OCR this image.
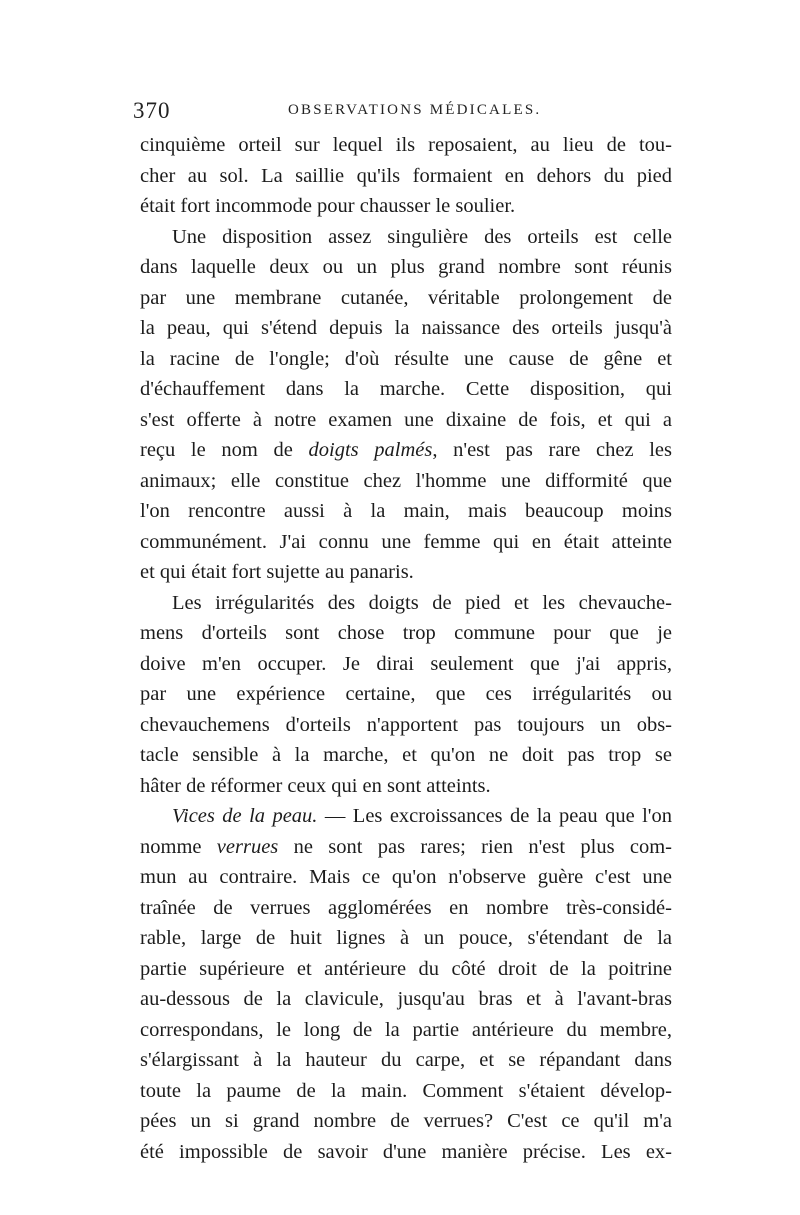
370	OBSERVATIONS MÉDICALES.
cinquième orteil sur lequel ils reposaient, au lieu de tou-
cher au sol. La saillie qu'ils formaient en dehors du pied
était fort incommode pour chausser le soulier.
Une disposition assez singulière des orteils est celle
dans laquelle deux ou un plus grand nombre sont réunis
par une membrane cutanée, véritable prolongement de
la peau, qui s'étend depuis la naissance des orteils jusqu'à
la racine de l'ongle; d'où résulte une cause de gêne et
d'échauffement dans la marche. Cette disposition, qui
s'est offerte à notre examen une dixaine de fois, et qui a
reçu le nom de doigts palmés, n'est pas rare chez les
animaux; elle constitue chez l'homme une difformité que
l'on rencontre aussi à la main, mais beaucoup moins
communément. J'ai connu une femme qui en était atteinte
et qui était fort sujette au panaris.
Les irrégularités des doigts de pied et les chevauche-
mens d'orteils sont chose trop commune pour que je
doive m'en occuper. Je dirai seulement que j'ai appris,
par une expérience certaine, que ces irrégularités ou
chevauchemens d'orteils n'apportent pas toujours un obs-
tacle sensible à la marche, et qu'on ne doit pas trop se
hâter de réformer ceux qui en sont atteints.
Vices de la peau. — Les excroissances de la peau que l'on
nomme verrues ne sont pas rares; rien n'est plus com-
mun au contraire. Mais ce qu'on n'observe guère c'est une
traînée de verrues agglomérées en nombre très-considé-
rable, large de huit lignes à un pouce, s'étendant de la
partie supérieure et antérieure du côté droit de la poitrine
au-dessous de la clavicule, jusqu'au bras et à l'avant-bras
correspondans, le long de la partie antérieure du membre,
s'élargissant à la hauteur du carpe, et se répandant dans
toute la paume de la main. Comment s'étaient dévelop-
pées un si grand nombre de verrues? C'est ce qu'il m'a
été impossible de savoir d'une manière précise. Les ex-
